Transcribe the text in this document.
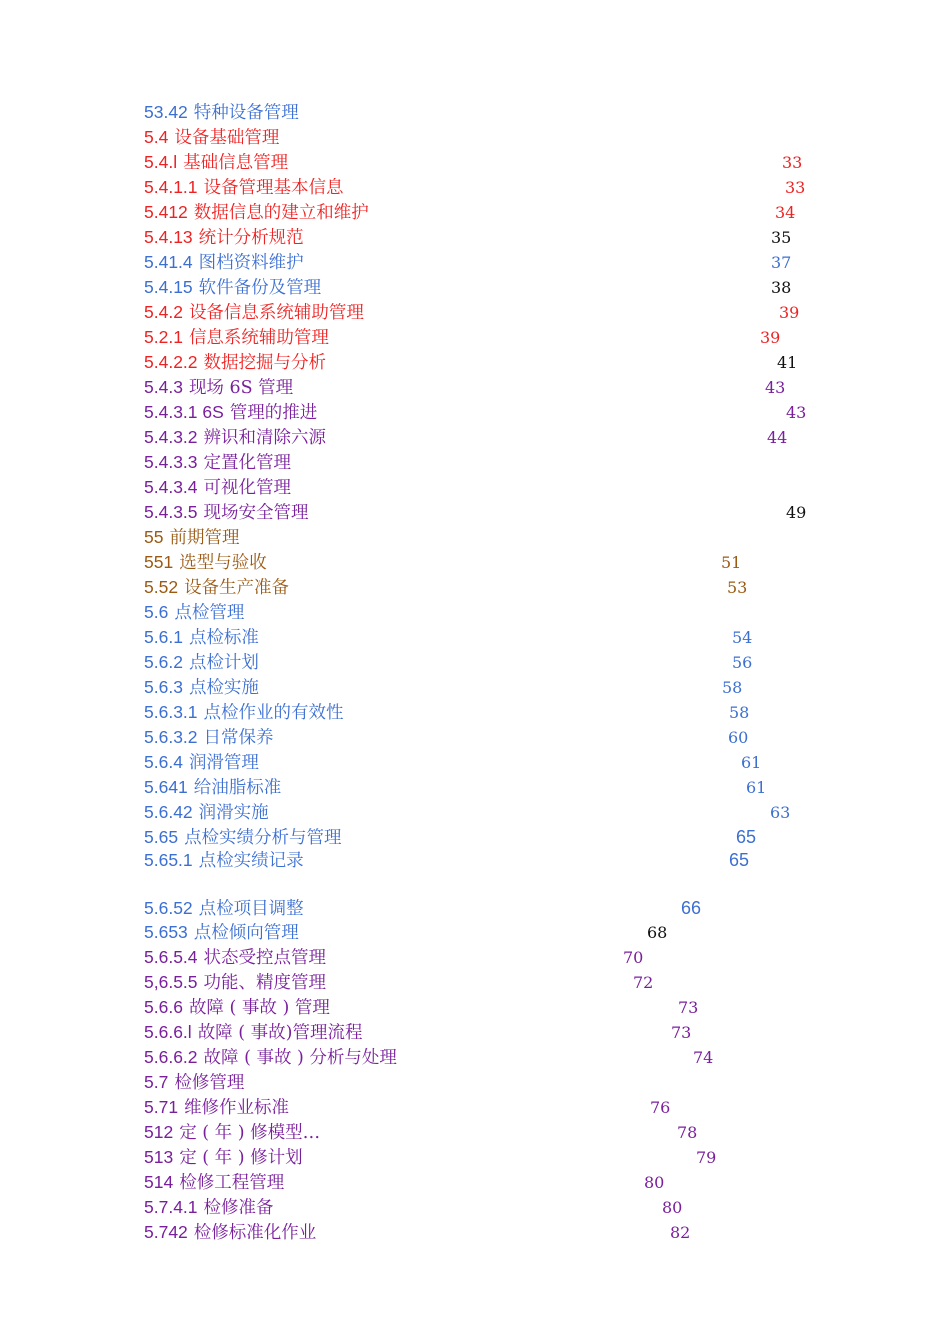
53.42 特种设备管理
5.4 设备基础管理
5.4.l 基础信息管理	33
5.4.1.1 设备管理基本信息	33
5.412 数据信息的建立和维护	34
5.4.13 统计分析规范	35
5.41.4 图档资料维护	37
5.4.15 软件备份及管理	38
5.4.2 设备信息系统辅助管理	39
5.2.1 信息系统辅助管理	39
5.4.2.2 数据挖掘与分析	41
5.4.3 现场 6S 管理	43
5.4.3.1 6S 管理的推进	43
5.4.3.2 辨识和清除六源	44
5.4.3.3 定置化管理
5.4.3.4 可视化管理
5.4.3.5 现场安全管理	49
55 前期管理
551 选型与验收	51
5.52 设备生产准备	53
5.6 点检管理
5.6.1 点检标准	54
5.6.2 点检计划	56
5.6.3 点检实施	58
5.6.3.1 点检作业的有效性	58
5.6.3.2 日常保养	60
5.6.4 润滑管理	61
5.641 给油脂标准	61
5.6.42 润滑实施	63
5.65 点检实绩分析与管理	65
5.65.1 点检实绩记录	65
5.6.52 点检项目调整	66
5.653 点检倾向管理	68
5.6.5.4 状态受控点管理	70
5,6.5.5 功能、精度管理	72
5.6.6 故障 ( 事故 ) 管理	73
5.6.6.l 故障 ( 事故)管理流程	73
5.6.6.2 故障 ( 事故 ) 分析与处理	74
5.7 检修管理
5.71 维修作业标准	76
512 定 ( 年 ) 修模型…	78
513 定 ( 年 ) 修计划	79
514 检修工程管理	80
5.7.4.1 检修准备	80
5.742 检修标准化作业	82
